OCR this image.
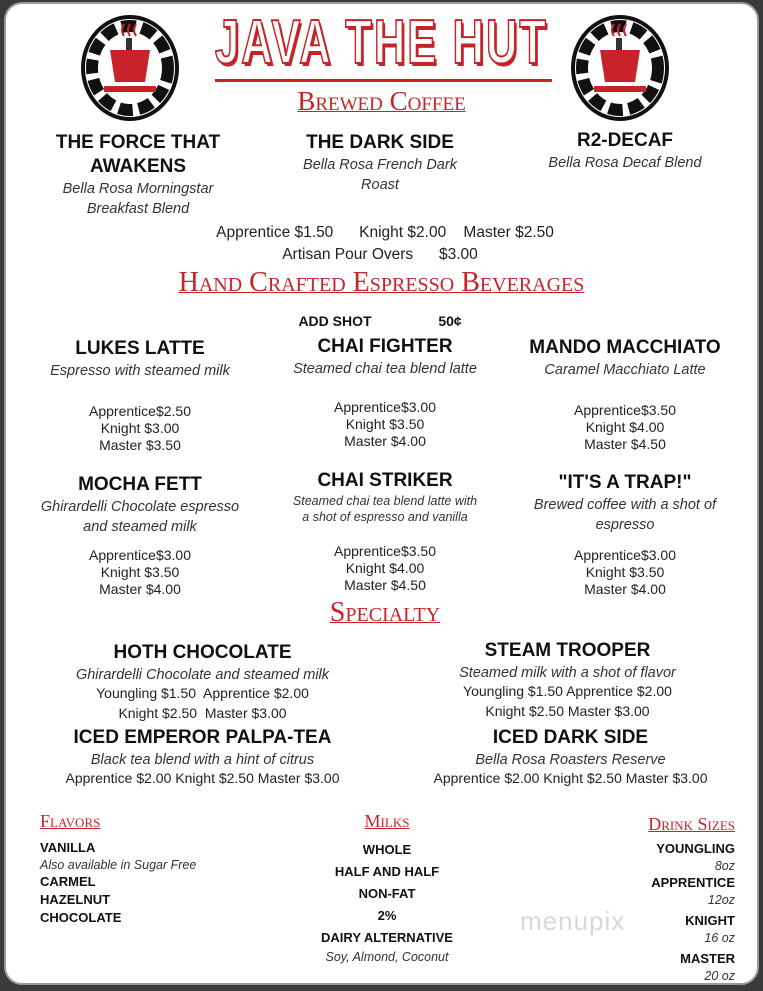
JAVA THE HUT
Brewed Coffee
THE FORCE THAT AWAKENS
Bella Rosa Morningstar Breakfast Blend
THE DARK SIDE
Bella Rosa French Dark Roast
R2-DECAF
Bella Rosa Decaf Blend
Apprentice $1.50      Knight $2.00    Master $2.50
Artisan Pour Overs      $3.00
Hand Crafted Espresso Beverages
ADD SHOT	50¢
LUKES LATTE
Espresso with steamed milk
Apprentice$2.50
Knight $3.00
Master $3.50
CHAI FIGHTER
Steamed chai tea blend latte
Apprentice$3.00
Knight $3.50
Master $4.00
MANDO MACCHIATO
Caramel Macchiato Latte
Apprentice$3.50
Knight $4.00
Master $4.50
MOCHA FETT
Ghirardelli Chocolate espresso and steamed milk
Apprentice$3.00
Knight $3.50
Master $4.00
CHAI STRIKER
Steamed chai tea blend latte with a shot of espresso and vanilla
Apprentice$3.50
Knight $4.00
Master $4.50
"IT'S A TRAP!"
Brewed coffee with a shot of espresso
Apprentice$3.00
Knight $3.50
Master $4.00
Specialty
HOTH CHOCOLATE
Ghirardelli Chocolate and steamed milk
Youngling $1.50  Apprentice $2.00
Knight $2.50  Master $3.00
STEAM TROOPER
Steamed milk with a shot of flavor
Youngling $1.50 Apprentice $2.00
Knight $2.50 Master $3.00
ICED EMPEROR PALPA-TEA
Black tea blend with a hint of citrus
Apprentice $2.00 Knight $2.50 Master $3.00
ICED DARK SIDE
Bella Rosa Roasters Reserve
Apprentice $2.00 Knight $2.50 Master $3.00
Flavors
VANILLA
Also available in Sugar Free
CARMEL
HAZELNUT
CHOCOLATE
Milks
WHOLE
HALF AND HALF
NON-FAT
2%
DAIRY ALTERNATIVE
Soy, Almond, Coconut
Drink Sizes
YOUNGLING
8oz
APPRENTICE
12oz
KNIGHT
16 oz
MASTER
20 oz
menupix
